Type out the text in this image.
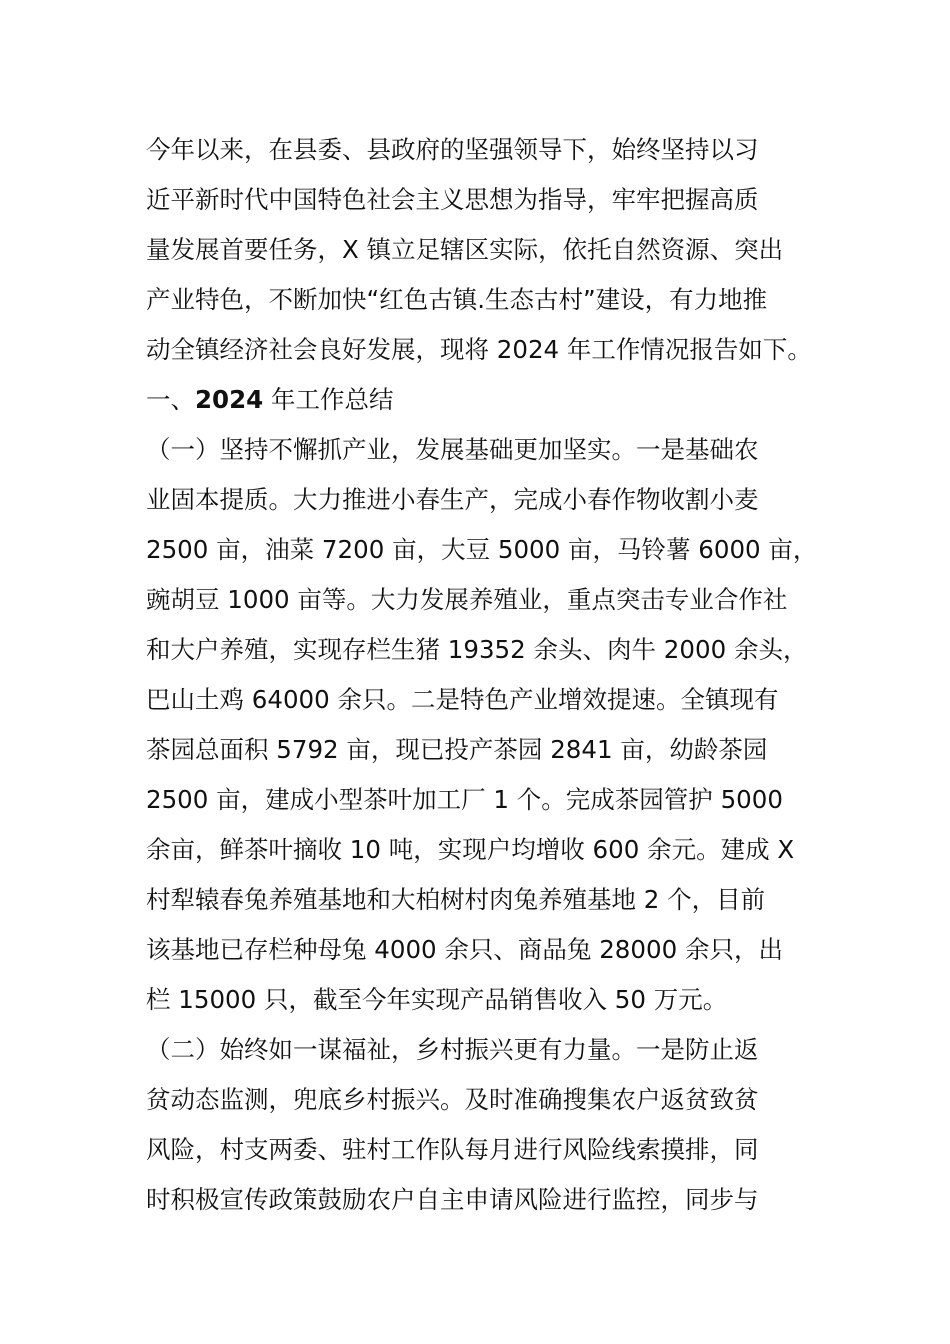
今年以来，在县委、县政府的坚强领导下，始终坚持以习
近平新时代中国特色社会主义思想为指导，牢牢把握高质
量发展首要任务，X 镇立足辖区实际，依托自然资源、突出
产业特色，不断加快“红色古镇.生态古村”建设，有力地推
动全镇经济社会良好发展，现将 2024 年工作情况报告如下。
一、2024 年工作总结
（一）坚持不懈抓产业，发展基础更加坚实。一是基础农
业固本提质。大力推进小春生产，完成小春作物收割小麦
2500 亩，油菜 7200 亩，大豆 5000 亩，马铃薯 6000 亩，
豌胡豆 1000 亩等。大力发展养殖业，重点突击专业合作社
和大户养殖，实现存栏生猪 19352 余头、肉牛 2000 余头，
巴山土鸡 64000 余只。二是特色产业增效提速。全镇现有
茶园总面积 5792 亩，现已投产茶园 2841 亩，幼龄茶园
2500 亩，建成小型茶叶加工厂 1 个。完成茶园管护 5000
余亩，鲜茶叶摘收 10 吨，实现户均增收 600 余元。建成 X
村犁辕春兔养殖基地和大柏树村肉兔养殖基地 2 个，目前
该基地已存栏种母兔 4000 余只、商品兔 28000 余只，出
栏 15000 只，截至今年实现产品销售收入 50 万元。
（二）始终如一谋福祉，乡村振兴更有力量。一是防止返
贫动态监测，兜底乡村振兴。及时准确搜集农户返贫致贫
风险，村支两委、驻村工作队每月进行风险线索摸排，同
时积极宣传政策鼓励农户自主申请风险进行监控，同步与
